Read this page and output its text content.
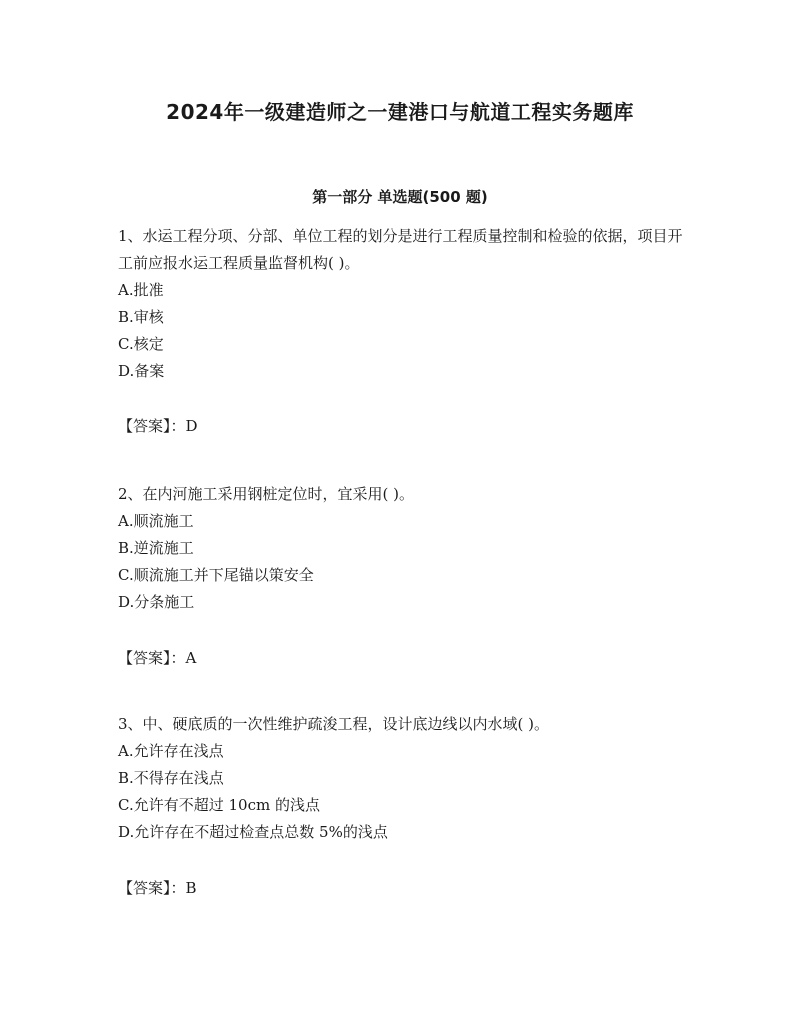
2024年一级建造师之一建港口与航道工程实务题库
第一部分 单选题(500 题)

1、水运工程分项、分部、单位工程的划分是进行工程质量控制和检验的依据，项目开工前应报水运工程质量监督机构( )。

A.批准

B.审核

C.核定

D.备案

【答案】：D

2、在内河施工采用钢桩定位时，宜采用( )。

A.顺流施工

B.逆流施工

C.顺流施工并下尾锚以策安全

D.分条施工

【答案】：A

3、中、硬底质的一次性维护疏浚工程，设计底边线以内水域( )。

A.允许存在浅点

B.不得存在浅点

C.允许有不超过 10cm 的浅点

D.允许存在不超过检查点总数 5%的浅点

【答案】：B
